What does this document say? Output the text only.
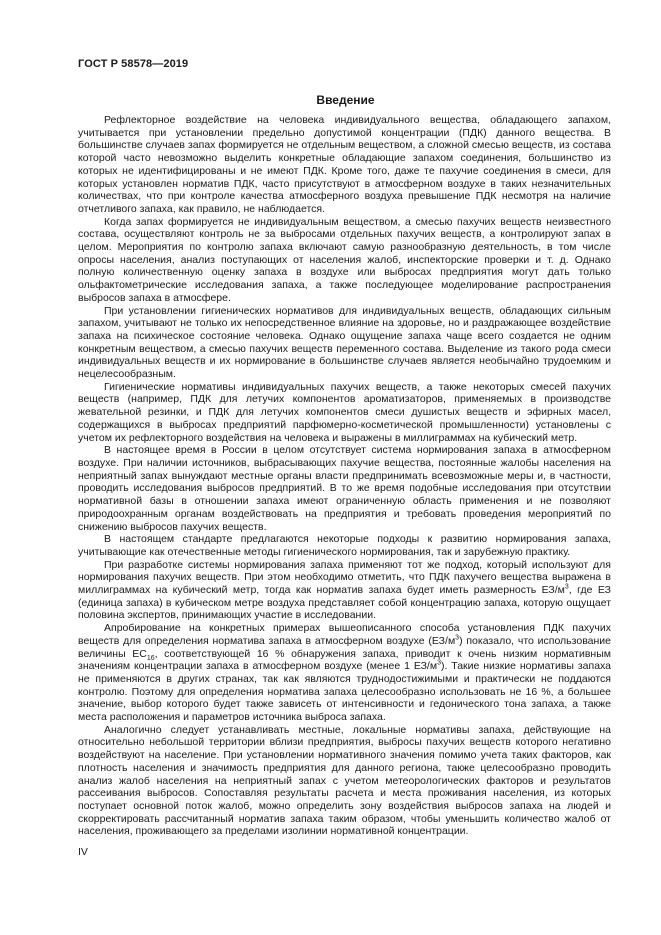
ГОСТ Р 58578—2019
Введение

Рефлекторное воздействие на человека индивидуального вещества, обладающего запахом, учитывается при установлении предельно допустимой концентрации (ПДК) данного вещества. В большинстве случаев запах формируется не отдельным веществом, а сложной смесью веществ, из состава которой часто невозможно выделить конкретные обладающие запахом соединения, большинство из которых не идентифицированы и не имеют ПДК. Кроме того, даже те пахучие соединения в смеси, для которых установлен норматив ПДК, часто присутствуют в атмосферном воздухе в таких незначительных количествах, что при контроле качества атмосферного воздуха превышение ПДК несмотря на наличие отчетливого запаха, как правило, не наблюдается.

Когда запах формируется не индивидуальным веществом, а смесью пахучих веществ неизвестного состава, осуществляют контроль не за выбросами отдельных пахучих веществ, а контролируют запах в целом. Мероприятия по контролю запаха включают самую разнообразную деятельность, в том числе опросы населения, анализ поступающих от населения жалоб, инспекторские проверки и т. д. Однако полную количественную оценку запаха в воздухе или выбросах предприятия могут дать только ольфактометрические исследования запаха, а также последующее моделирование распространения выбросов запаха в атмосфере.

При установлении гигиенических нормативов для индивидуальных веществ, обладающих сильным запахом, учитывают не только их непосредственное влияние на здоровье, но и раздражающее воздействие запаха на психическое состояние человека. Однако ощущение запаха чаще всего создается не одним конкретным веществом, а смесью пахучих веществ переменного состава. Выделение из такого рода смеси индивидуальных веществ и их нормирование в большинстве случаев является необычайно трудоемким и нецелесообразным.

Гигиенические нормативы индивидуальных пахучих веществ, а также некоторых смесей пахучих веществ (например, ПДК для летучих компонентов ароматизаторов, применяемых в производстве жевательной резинки, и ПДК для летучих компонентов смеси душистых веществ и эфирных масел, содержащихся в выбросах предприятий парфюмерно-косметической промышленности) установлены с учетом их рефлекторного воздействия на человека и выражены в миллиграммах на кубический метр.

В настоящее время в России в целом отсутствует система нормирования запаха в атмосферном воздухе. При наличии источников, выбрасывающих пахучие вещества, постоянные жалобы населения на неприятный запах вынуждают местные органы власти предпринимать всевозможные меры и, в частности, проводить исследования выбросов предприятий. В то же время подобные исследования при отсутствии нормативной базы в отношении запаха имеют ограниченную область применения и не позволяют природоохранным органам воздействовать на предприятия и требовать проведения мероприятий по снижению выбросов пахучих веществ.

В настоящем стандарте предлагаются некоторые подходы к развитию нормирования запаха, учитывающие как отечественные методы гигиенического нормирования, так и зарубежную практику.

При разработке системы нормирования запаха применяют тот же подход, который используют для нормирования пахучих веществ. При этом необходимо отметить, что ПДК пахучего вещества выражена в миллиграммах на кубический метр, тогда как норматив запаха будет иметь размерность $ЕЗ/м^3$, где ЕЗ (единица запаха) в кубическом метре воздуха представляет собой концентрацию запаха, которую ощущает половина экспертов, принимающих участие в исследовании.

Апробирование на конкретных примерах вышеописанного способа установления ПДК пахучих веществ для определения норматива запаха в атмосферном воздухе $(ЕЗ/м^3)$ показало, что использование величины $ЕС_{16}$, соответствующей 16 % обнаружения запаха, приводит к очень низким нормативным значениям концентрации запаха в атмосферном воздухе (менее 1 $ЕЗ/м^3$). Такие низкие нормативы запаха не применяются в других странах, так как являются труднодостижимыми и практически не поддаются контролю. Поэтому для определения норматива запаха целесообразно использовать не 16 %, а большее значение, выбор которого будет также зависеть от интенсивности и гедонического тона запаха, а также места расположения и параметров источника выброса запаха.

Аналогично следует устанавливать местные, локальные нормативы запаха, действующие на относительно небольшой территории вблизи предприятия, выбросы пахучих веществ которого негативно воздействуют на население. При установлении нормативного значения помимо учета таких факторов, как плотность населения и значимость предприятия для данного региона, также целесообразно проводить анализ жалоб населения на неприятный запах с учетом метеорологических факторов и результатов рассеивания выбросов. Сопоставляя результаты расчета и места проживания населения, из которых поступает основной поток жалоб, можно определить зону воздействия выбросов запаха на людей и скорректировать рассчитанный норматив запаха таким образом, чтобы уменьшить количество жалоб от населения, проживающего за пределами изолинии нормативной концентрации.

IV
